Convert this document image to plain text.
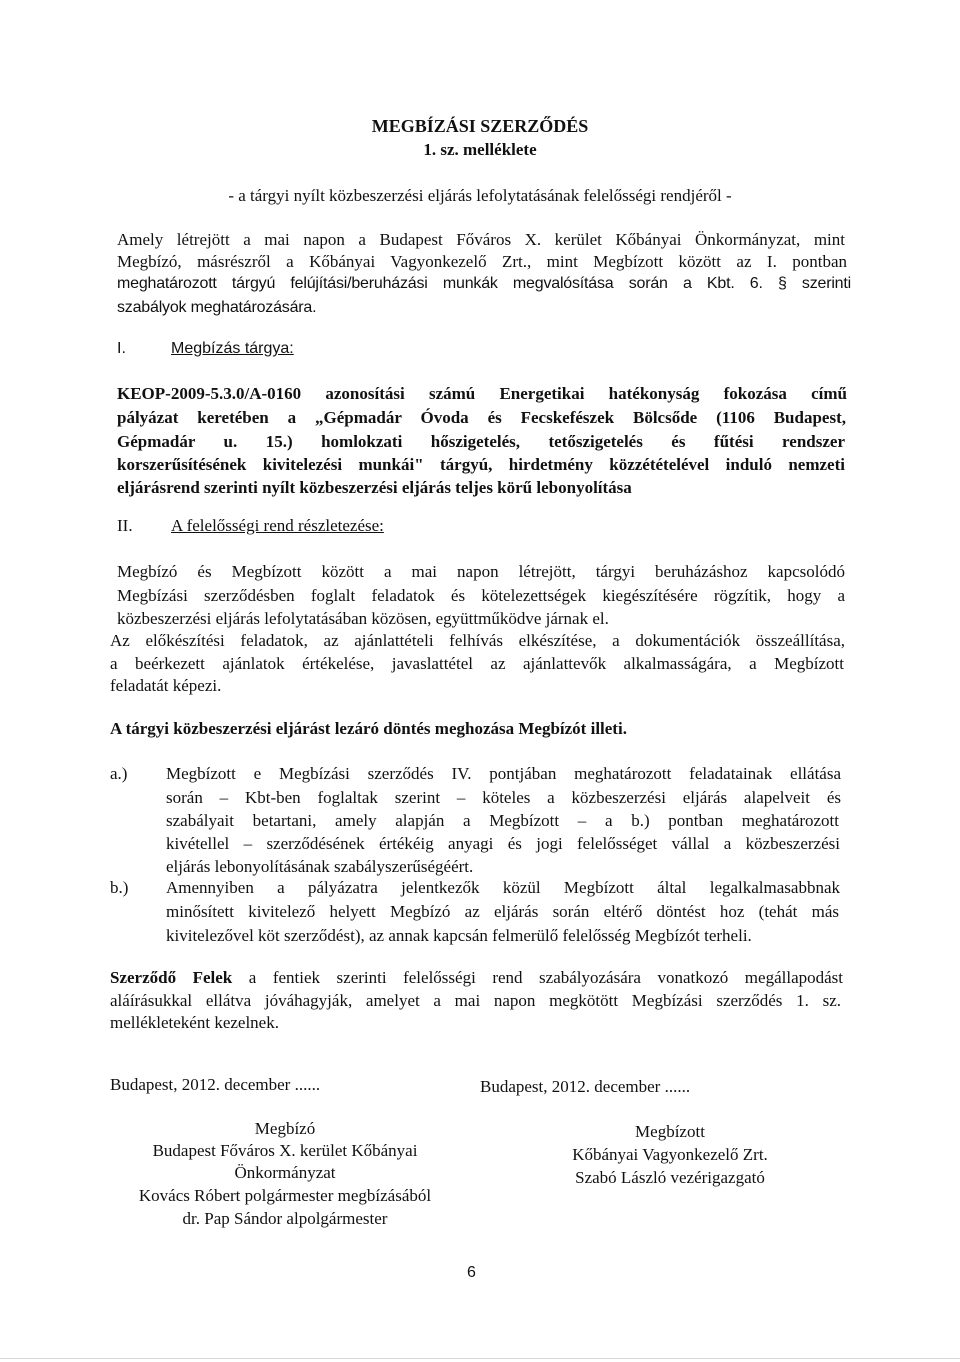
MEGBÍZÁSI SZERZŐDÉS
1. sz. melléklete
- a tárgyi nyílt közbeszerzési eljárás lefolytatásának felelősségi rendjéről -
Amely létrejött a mai napon a Budapest Főváros X. kerület Kőbányai Önkormányzat, mint
Megbízó, másrészről a Kőbányai Vagyonkezelő Zrt., mint Megbízott között az I. pontban
meghatározott tárgyú felújítási/beruházási munkák megvalósítása során a Kbt. 6. § szerinti
szabályok meghatározására.
I.	Megbízás tárgya:
KEOP-2009-5.3.0/A-0160 azonosítási számú Energetikai hatékonyság fokozása című
pályázat keretében a „Gépmadár Óvoda és Fecskefészek Bölcsőde (1106 Budapest,
Gépmadár u. 15.) homlokzati hőszigetelés, tetőszigetelés és fűtési rendszer
korszerűsítésének kivitelezési munkái" tárgyú, hirdetmény közzétételével induló nemzeti
eljárásrend szerinti nyílt közbeszerzési eljárás teljes körű lebonyolítása
II. A felelősségi rend részletezése:
Megbízó és Megbízott között a mai napon létrejött, tárgyi beruházáshoz kapcsolódó
Megbízási szerződésben foglalt feladatok és kötelezettségek kiegészítésére rögzítik, hogy a
közbeszerzési eljárás lefolytatásában közösen, együttműködve járnak el.
Az előkészítési feladatok, az ajánlattételi felhívás elkészítése, a dokumentációk összeállítása,
a beérkezett ajánlatok értékelése, javaslattétel az ajánlattevők alkalmasságára, a Megbízott
feladatát képezi.
A tárgyi közbeszerzési eljárást lezáró döntés meghozása Megbízót illeti.
a.) Megbízott e Megbízási szerződés IV. pontjában meghatározott feladatainak ellátása
során – Kbt-ben foglaltak szerint – köteles a közbeszerzési eljárás alapelveit és
szabályait betartani, amely alapján a Megbízott – a b.) pontban meghatározott
kivétellel – szerződésének értékéig anyagi és jogi felelősséget vállal a közbeszerzési
eljárás lebonyolításának szabályszerűségéért.
b.) Amennyiben a pályázatra jelentkezők közül Megbízott által legalkalmasabbnak
minősített kivitelező helyett Megbízó az eljárás során eltérő döntést hoz (tehát más
kivitelezővel köt szerződést), az annak kapcsán felmerülő felelősség Megbízót terheli.
Szerződő Felek a fentiek szerinti felelősségi rend szabályozására vonatkozó megállapodást
aláírásukkal ellátva jóváhagyják, amelyet a mai napon megkötött Megbízási szerződés 1. sz.
mellékleteként kezelnek.
Budapest, 2012. december ......
Megbízó
Budapest Főváros X. kerület Kőbányai
Önkormányzat
Kovács Róbert polgármester megbízásából
dr. Pap Sándor alpolgármester
Budapest, 2012. december ......
Megbízott
Kőbányai Vagyonkezelő Zrt.
Szabó László vezérigazgató
6
